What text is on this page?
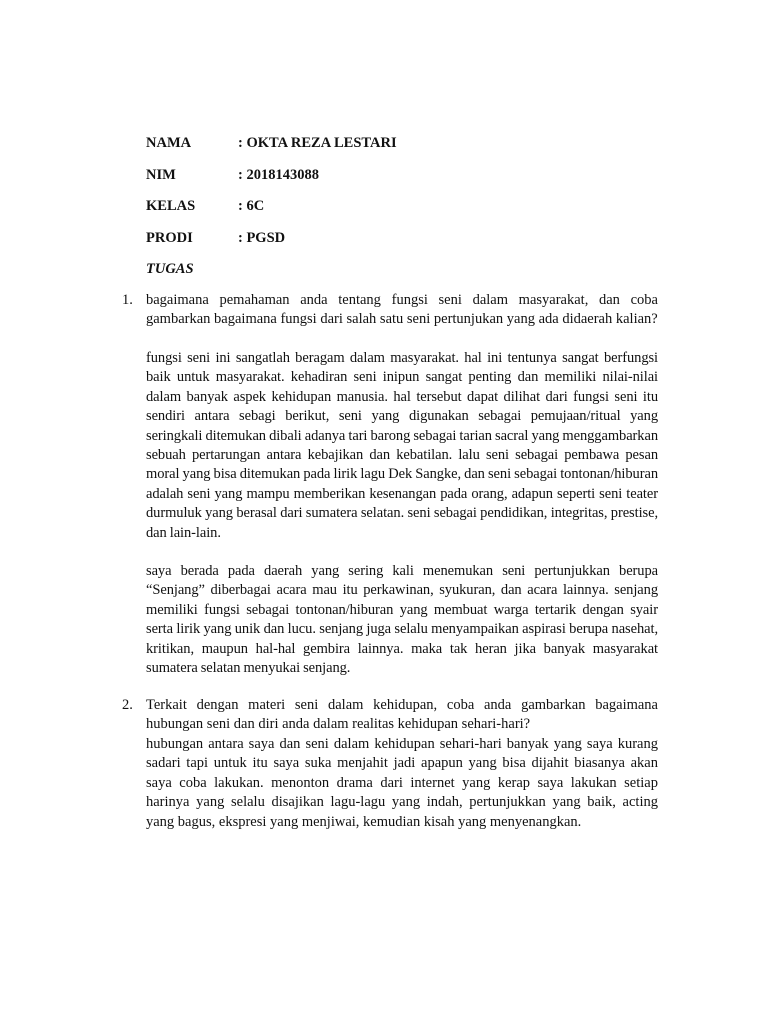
NAMA	: OKTA REZA LESTARI
NIM	: 2018143088
KELAS	: 6C
PRODI	: PGSD
TUGAS
1. bagaimana pemahaman anda tentang fungsi seni dalam masyarakat, dan coba gambarkan bagaimana fungsi dari salah satu seni pertunjukan yang ada didaerah kalian?
fungsi seni ini sangatlah beragam dalam masyarakat. hal ini tentunya sangat berfungsi baik untuk masyarakat. kehadiran seni inipun sangat penting dan memiliki nilai-nilai dalam banyak aspek kehidupan manusia. hal tersebut dapat dilihat dari fungsi seni itu sendiri antara sebagi berikut, seni yang digunakan sebagai pemujaan/ritual yang seringkali ditemukan dibali adanya tari barong sebagai tarian sacral yang menggambarkan sebuah pertarungan antara kebajikan dan kebatilan. lalu seni sebagai pembawa pesan moral yang bisa ditemukan pada lirik lagu Dek Sangke, dan seni sebagai tontonan/hiburan adalah seni yang mampu memberikan kesenangan pada orang, adapun seperti seni teater durmuluk yang berasal dari sumatera selatan. seni sebagai pendidikan, integritas, prestise, dan lain-lain.
saya berada pada daerah yang sering kali menemukan seni pertunjukkan berupa “Senjang” diberbagai acara mau itu perkawinan, syukuran, dan acara lainnya. senjang memiliki fungsi sebagai tontonan/hiburan yang membuat warga tertarik dengan syair serta lirik yang unik dan lucu. senjang juga selalu menyampaikan aspirasi berupa nasehat, kritikan, maupun hal-hal gembira lainnya. maka tak heran jika banyak masyarakat sumatera selatan menyukai senjang.
2. Terkait dengan materi seni dalam kehidupan, coba anda gambarkan bagaimana hubungan seni dan diri anda dalam realitas kehidupan sehari-hari?
hubungan antara saya dan seni dalam kehidupan sehari-hari banyak yang saya kurang sadari tapi untuk itu saya suka menjahit jadi apapun yang bisa dijahit biasanya akan saya coba lakukan. menonton drama dari internet yang kerap saya lakukan setiap harinya yang selalu disajikan lagu-lagu yang indah, pertunjukkan yang baik, acting yang bagus, ekspresi yang menjiwai, kemudian kisah yang menyenangkan.
